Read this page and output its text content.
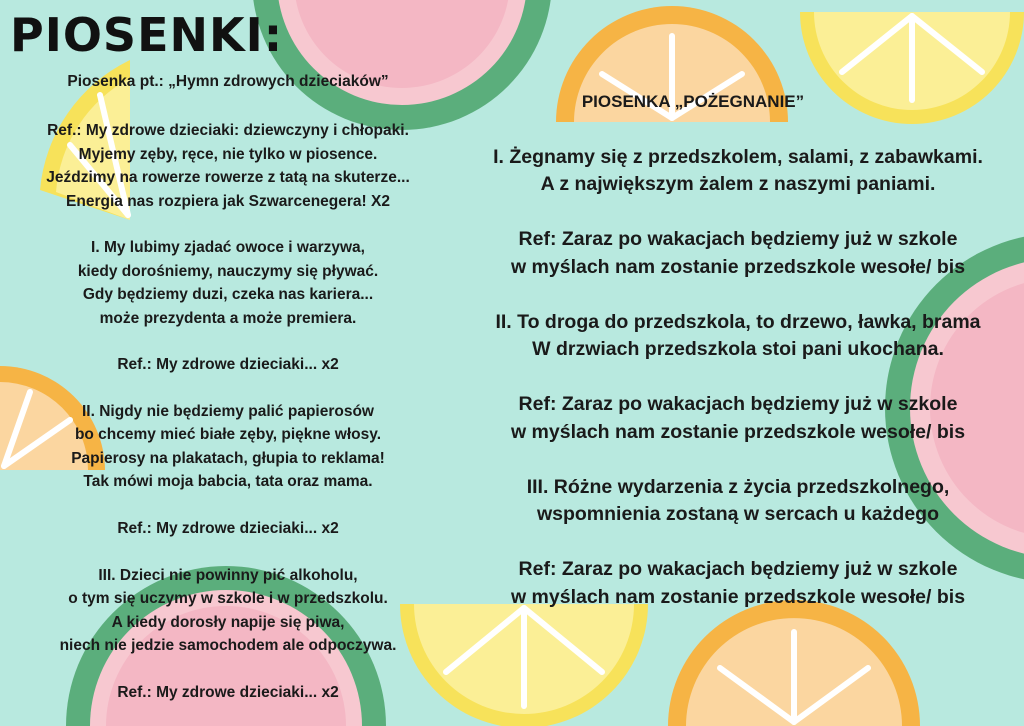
PIOSENKI:
Piosenka pt.: „Hymn zdrowych dzieciaków”
Ref.: My zdrowe dzieciaki: dziewczyny i chłopaki.
Myjemy zęby, ręce, nie tylko w piosence.
Jeździmy na rowerze rowerze z tatą na skuterze...
Energia nas rozpiera jak Szwarcenegera! X2
I. My lubimy zjadać owoce i warzywa,
kiedy dorośniemy, nauczymy się pływać.
Gdy będziemy duzi, czeka nas kariera...
może prezydenta a może premiera.
Ref.: My zdrowe dzieciaki... x2
II. Nigdy nie będziemy palić papierosów
bo chcemy mieć białe zęby, piękne włosy.
Papierosy na plakatach, głupia to reklama!
Tak mówi moja babcia, tata oraz mama.
Ref.: My zdrowe dzieciaki... x2
III. Dzieci nie powinny pić alkoholu,
o tym się uczymy w szkole i w przedszkolu.
A kiedy dorosły napije się piwa,
niech nie jedzie samochodem ale odpoczywa.
Ref.: My zdrowe dzieciaki... x2
PIOSENKA „POŻEGNANIE”
I. Żegnamy się z przedszkolem, salami, z zabawkami.
A z największym żalem z naszymi paniami.
Ref: Zaraz po wakacjach będziemy już w szkole
w myślach nam zostanie przedszkole wesołe/ bis
II. To droga do przedszkola, to drzewo, ławka, brama
W drzwiach przedszkola stoi pani ukochana.
Ref: Zaraz po wakacjach będziemy już w szkole
w myślach nam zostanie przedszkole wesołe/ bis
III. Różne wydarzenia z życia przedszkolnego,
wspomnienia zostaną w sercach u każdego
Ref: Zaraz po wakacjach będziemy już w szkole
w myślach nam zostanie przedszkole wesołe/ bis
